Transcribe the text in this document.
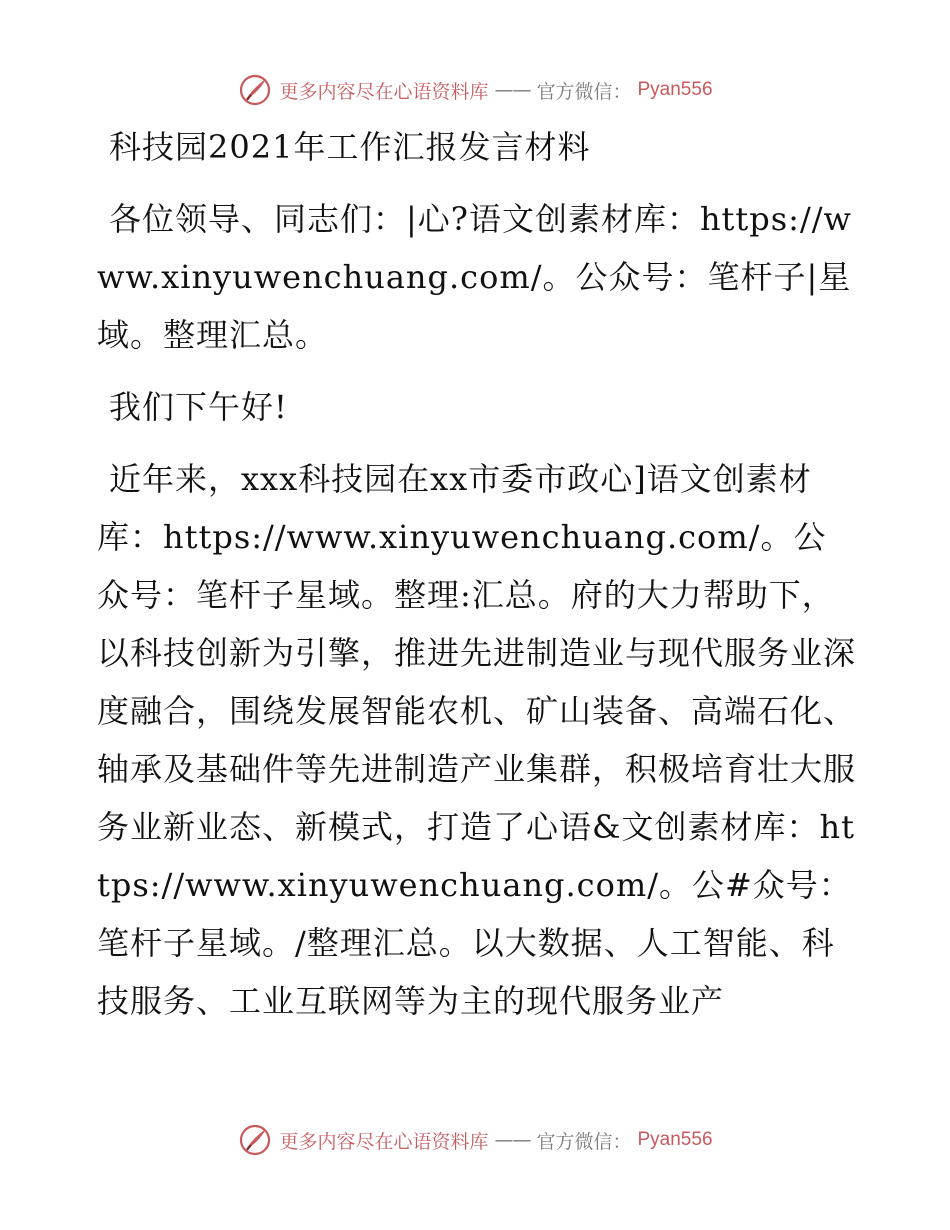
更多内容尽在心语资料库 —— 官方微信： Pyan556

科技园2021年工作汇报发言材料

各位领导、同志们：|心?语文创素材库：https://www.xinyuwenchuang.com/。公众号：笔杆子|星域。整理汇总。

我们下午好!

近年来，xxx科技园在xx市委市政心]语文创素材库：https://www.xinyuwenchuang.com/。公众号：笔杆子星域。整理:汇总。府的大力帮助下，以科技创新为引擎，推进先进制造业与现代服务业深度融合，围绕发展智能农机、矿山装备、高端石化、轴承及基础件等先进制造产业集群，积极培育壮大服务业新业态、新模式，打造了心语&文创素材库：https://www.xinyuwenchuang.com/。公#众号：笔杆子星域。/整理汇总。以大数据、人工智能、科技服务、工业互联网等为主的现代服务业产

更多内容尽在心语资料库 —— 官方微信： Pyan556
